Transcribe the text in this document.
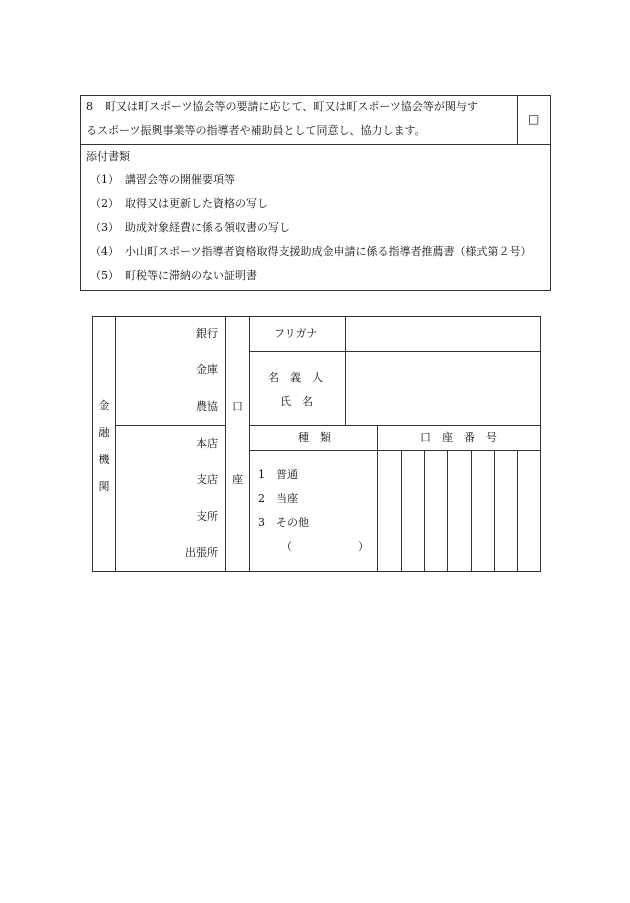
8 町又は町スポーツ協会等の要請に応じて、町又は町スポーツ協会等が関与す
るスポーツ振興事業等の指導者や補助員として同意し、協力します。
□
添付書類
（1） 講習会等の開催要項等
（2） 取得又は更新した資格の写し
（3） 助成対象経費に係る領収書の写し
（4） 小山町スポーツ指導者資格取得支援助成金申請に係る指導者推薦書（様式第２号）
（5） 町税等に滞納のない証明書
金
融
機
関
銀行
金庫
農協
本店
支店
支所
出張所
口
座
フリガナ
名　義　人
氏　名
種　類	口　座　番　号
1　普通
2　当座
3　その他
（　　　　　　）
